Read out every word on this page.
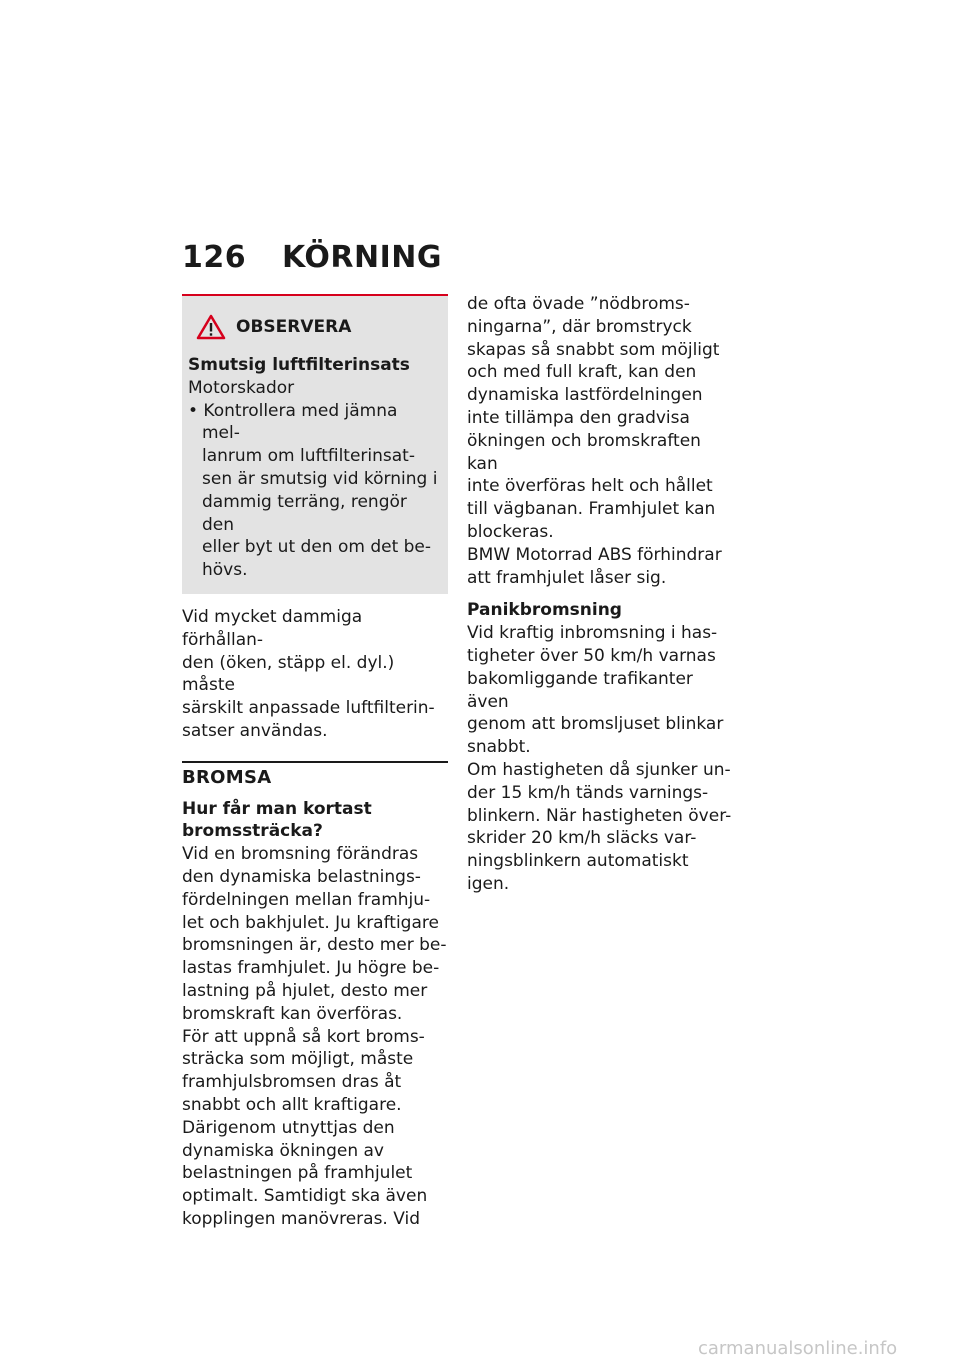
126 KÖRNING
OBSERVERA

Smutsig luftfilterinsats

Motorskador

• Kontrollera med jämna mel-
lanrum om luftfilterinsat-
sen är smutsig vid körning i
dammig terräng, rengör den
eller byt ut den om det be-
hövs.

Vid mycket dammiga förhållan-
den (öken, stäpp el. dyl.) måste
särskilt anpassade luftfilterin-
satser användas.

BROMSA

Hur får man kortast
bromssträcka?

Vid en bromsning förändras
den dynamiska belastnings-
fördelningen mellan framhju-
let och bakhjulet. Ju kraftigare
bromsningen är, desto mer be-
lastas framhjulet. Ju högre be-
lastning på hjulet, desto mer
bromskraft kan överföras.

För att uppnå så kort broms-
sträcka som möjligt, måste
framhjulsbromsen dras åt
snabbt och allt kraftigare.
Därigenom utnyttjas den
dynamiska ökningen av
belastningen på framhjulet
optimalt. Samtidigt ska även
kopplingen manövreras. Vid

de ofta övade ”nödbroms-
ningarna”, där bromstryck
skapas så snabbt som möjligt
och med full kraft, kan den
dynamiska lastfördelningen
inte tillämpa den gradvisa
ökningen och bromskraften kan
inte överföras helt och hållet
till vägbanan. Framhjulet kan
blockeras.

BMW Motorrad ABS förhindrar
att framhjulet låser sig.

Panikbromsning

Vid kraftig inbromsning i has-
tigheter över 50 km/h varnas
bakomliggande trafikanter även
genom att bromsljuset blinkar
snabbt.

Om hastigheten då sjunker un-
der 15 km/h tänds varnings-
blinkern. När hastigheten över-
skrider 20 km/h släcks var-
ningsblinkern automatiskt igen.

carmanualsonline.info
